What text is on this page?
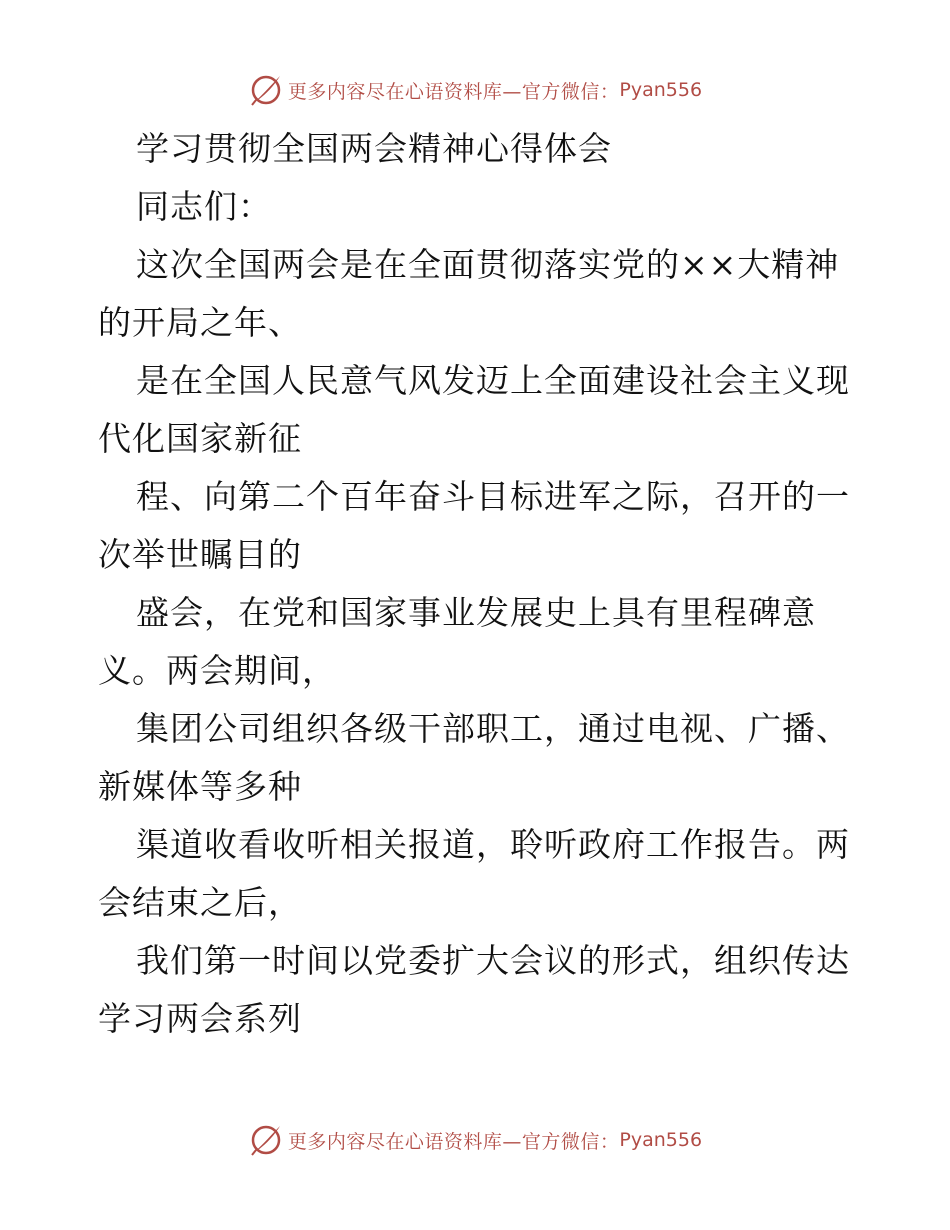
更多内容尽在心语资料库—官方微信： Pyan556
学习贯彻全国两会精神心得体会
同志们：
这次全国两会是在全面贯彻落实党的××大精神
的开局之年、
是在全国人民意气风发迈上全面建设社会主义现
代化国家新征
程、向第二个百年奋斗目标进军之际，召开的一
次举世瞩目的
盛会，在党和国家事业发展史上具有里程碑意
义。两会期间，
集团公司组织各级干部职工，通过电视、广播、
新媒体等多种
渠道收看收听相关报道，聆听政府工作报告。两
会结束之后，
我们第一时间以党委扩大会议的形式，组织传达
学习两会系列
更多内容尽在心语资料库—官方微信： Pyan556
